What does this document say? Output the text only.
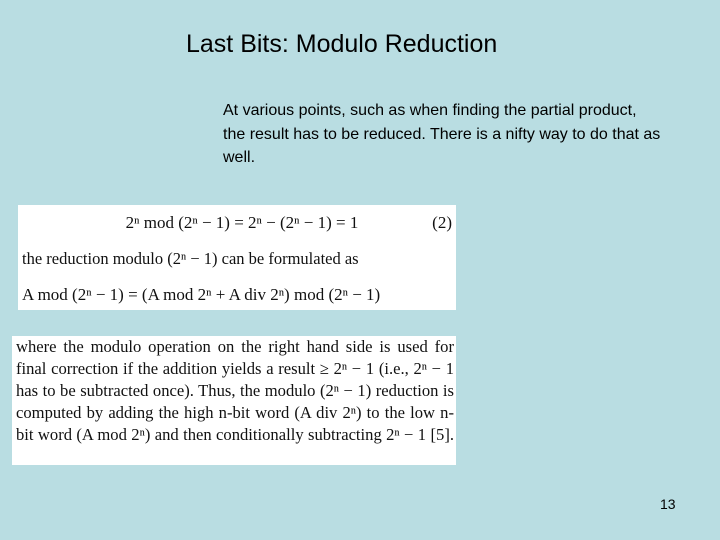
Last Bits: Modulo Reduction
At various points, such as when finding the partial product, the result has to be reduced. There is a nifty way to do that as well.
2ⁿ mod (2ⁿ − 1) = 2ⁿ − (2ⁿ − 1) = 1	(2)
the reduction modulo (2ⁿ − 1) can be formulated as
A mod (2ⁿ − 1) = (A mod 2ⁿ + A div 2ⁿ) mod (2ⁿ − 1)
where the modulo operation on the right hand side is used for final correction if the addition yields a result ≥ 2ⁿ − 1 (i.e., 2ⁿ − 1 has to be subtracted once). Thus, the modulo (2ⁿ − 1) reduction is computed by adding the high n-bit word (A div 2ⁿ) to the low n-bit word (A mod 2ⁿ) and then conditionally subtracting 2ⁿ − 1 [5].
13
